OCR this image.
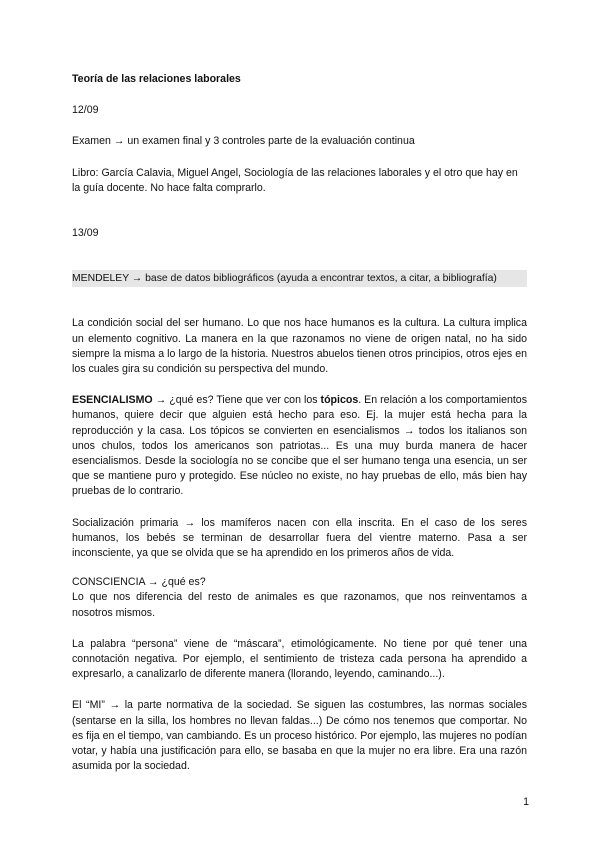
Teoría de las relaciones laborales

12/09

Examen → un examen final y 3 controles parte de la evaluación continua

Libro: García Calavia, Miguel Angel, Sociología de las relaciones laborales y el otro que hay en la guía docente. No hace falta comprarlo.

13/09

MENDELEY → base de datos bibliográficos (ayuda a encontrar textos, a citar, a bibliografía)

La condición social del ser humano. Lo que nos hace humanos es la cultura. La cultura implica un elemento cognitivo. La manera en la que razonamos no viene de origen natal, no ha sido siempre la misma a lo largo de la historia. Nuestros abuelos tienen otros principios, otros ejes en los cuales gira su condición su perspectiva del mundo.

ESENCIALISMO → ¿qué es? Tiene que ver con los tópicos. En relación a los comportamientos humanos, quiere decir que alguien está hecho para eso. Ej. la mujer está hecha para la reproducción y la casa. Los tópicos se convierten en esencialismos → todos los italianos son unos chulos, todos los americanos son patriotas... Es una muy burda manera de hacer esencialismos. Desde la sociología no se concibe que el ser humano tenga una esencia, un ser que se mantiene puro y protegido. Ese núcleo no existe, no hay pruebas de ello, más bien hay pruebas de lo contrario.

Socialización primaria → los mamíferos nacen con ella inscrita. En el caso de los seres humanos, los bebés se terminan de desarrollar fuera del vientre materno. Pasa a ser inconsciente, ya que se olvida que se ha aprendido en los primeros años de vida.

CONSCIENCIA → ¿qué es?

Lo que nos diferencia del resto de animales es que razonamos, que nos reinventamos a nosotros mismos.

La palabra “persona” viene de “máscara”, etimológicamente. No tiene por qué tener una connotación negativa. Por ejemplo, el sentimiento de tristeza cada persona ha aprendido a expresarlo, a canalizarlo de diferente manera (llorando, leyendo, caminando...).

El “MI” → la parte normativa de la sociedad. Se siguen las costumbres, las normas sociales (sentarse en la silla, los hombres no llevan faldas...) De cómo nos tenemos que comportar. No es fija en el tiempo, van cambiando. Es un proceso histórico. Por ejemplo, las mujeres no podían votar, y había una justificación para ello, se basaba en que la mujer no era libre. Era una razón asumida por la sociedad.

1
